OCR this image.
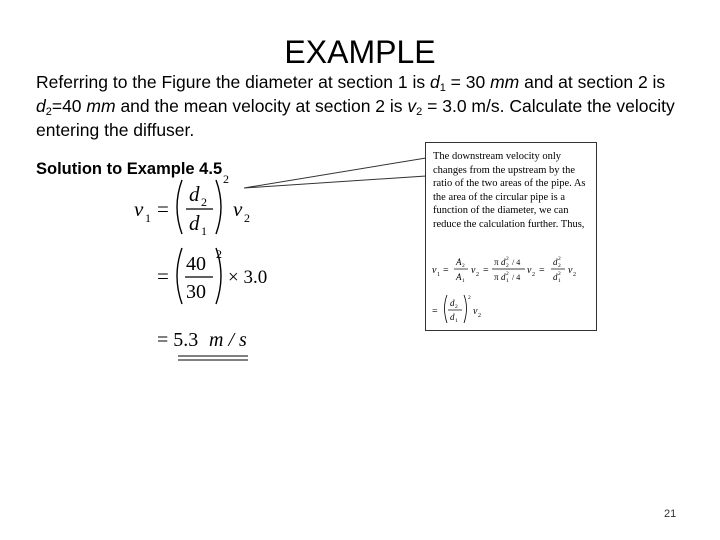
EXAMPLE
Referring to the Figure the diameter at section 1 is $d_1 = 30$ mm and at section 2 is $d_2=40$ mm and the mean velocity at section 2 is $v_2 = 3.0$ m/s. Calculate the velocity entering the diffuser.
Solution to Example 4.5
v 1 =
d 2
d 1
2
v 2
= 40
30
2
× 3.0
= 5.3 m / s
The downstream velocity only changes from the upstream by the ratio of the two areas of the pipe. As the area of the circular pipe is a function of the diameter, we can reduce the calculation further. Thus,
v 1 =
A 2
A 1
v 2 =
π d 2
2 / 4
π d 1
2 / 4
v 2 =
d 2
2
d 1
2 v 2
=
d 2
d 1
2
v 2
21
